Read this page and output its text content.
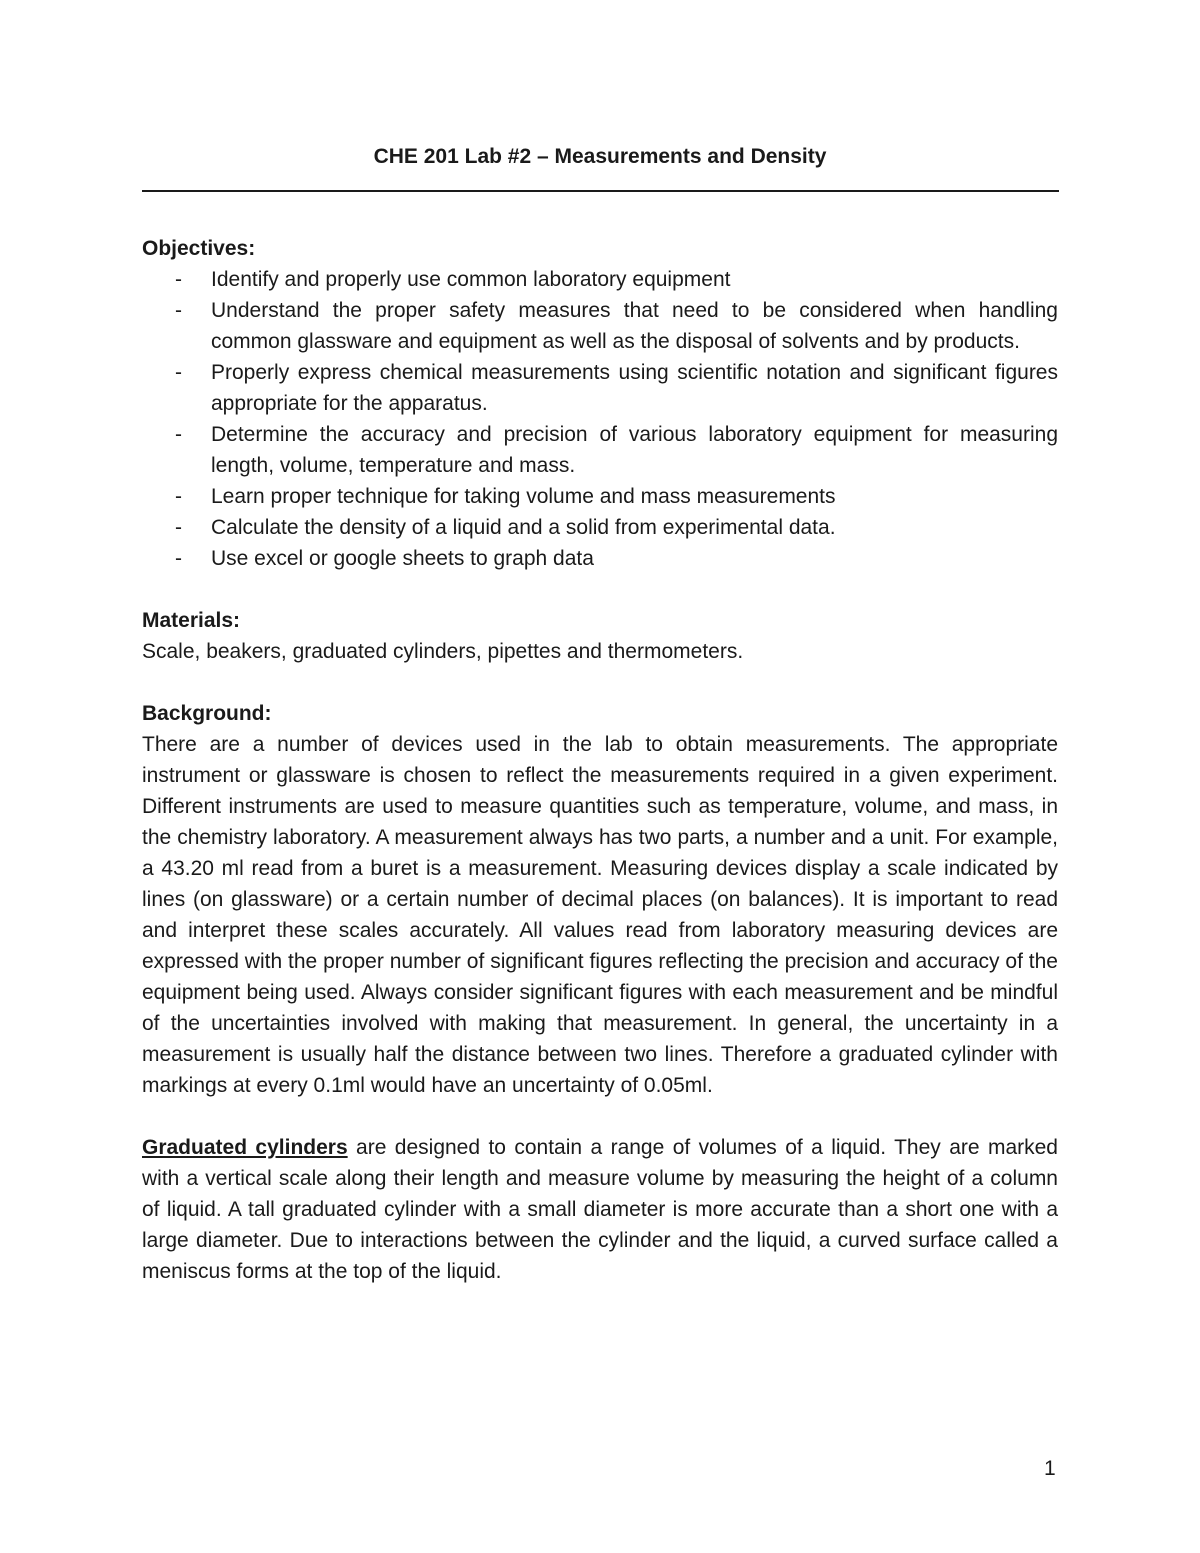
CHE 201 Lab #2 – Measurements and Density
Objectives:
- Identify and properly use common laboratory equipment
- Understand the proper safety measures that need to be considered when handling common glassware and equipment as well as the disposal of solvents and by products.
- Properly express chemical measurements using scientific notation and significant figures appropriate for the apparatus.
- Determine the accuracy and precision of various laboratory equipment for measuring length, volume, temperature and mass.
- Learn proper technique for taking volume and mass measurements
- Calculate the density of a liquid and a solid from experimental data.
- Use excel or google sheets to graph data
Materials:

Scale, beakers, graduated cylinders, pipettes and thermometers.

Background:

There are a number of devices used in the lab to obtain measurements. The appropriate instrument or glassware is chosen to reflect the measurements required in a given experiment. Different instruments are used to measure quantities such as temperature, volume, and mass, in the chemistry laboratory. A measurement always has two parts, a number and a unit. For example, a 43.20 ml read from a buret is a measurement. Measuring devices display a scale indicated by lines (on glassware) or a certain number of decimal places (on balances). It is important to read and interpret these scales accurately. All values read from laboratory measuring devices are expressed with the proper number of significant figures reflecting the precision and accuracy of the equipment being used. Always consider significant figures with each measurement and be mindful of the uncertainties involved with making that measurement. In general, the uncertainty in a measurement is usually half the distance between two lines. Therefore a graduated cylinder with markings at every 0.1ml would have an uncertainty of 0.05ml.

Graduated cylinders are designed to contain a range of volumes of a liquid. They are marked with a vertical scale along their length and measure volume by measuring the height of a column of liquid. A tall graduated cylinder with a small diameter is more accurate than a short one with a large diameter. Due to interactions between the cylinder and the liquid, a curved surface called a meniscus forms at the top of the liquid.

1
